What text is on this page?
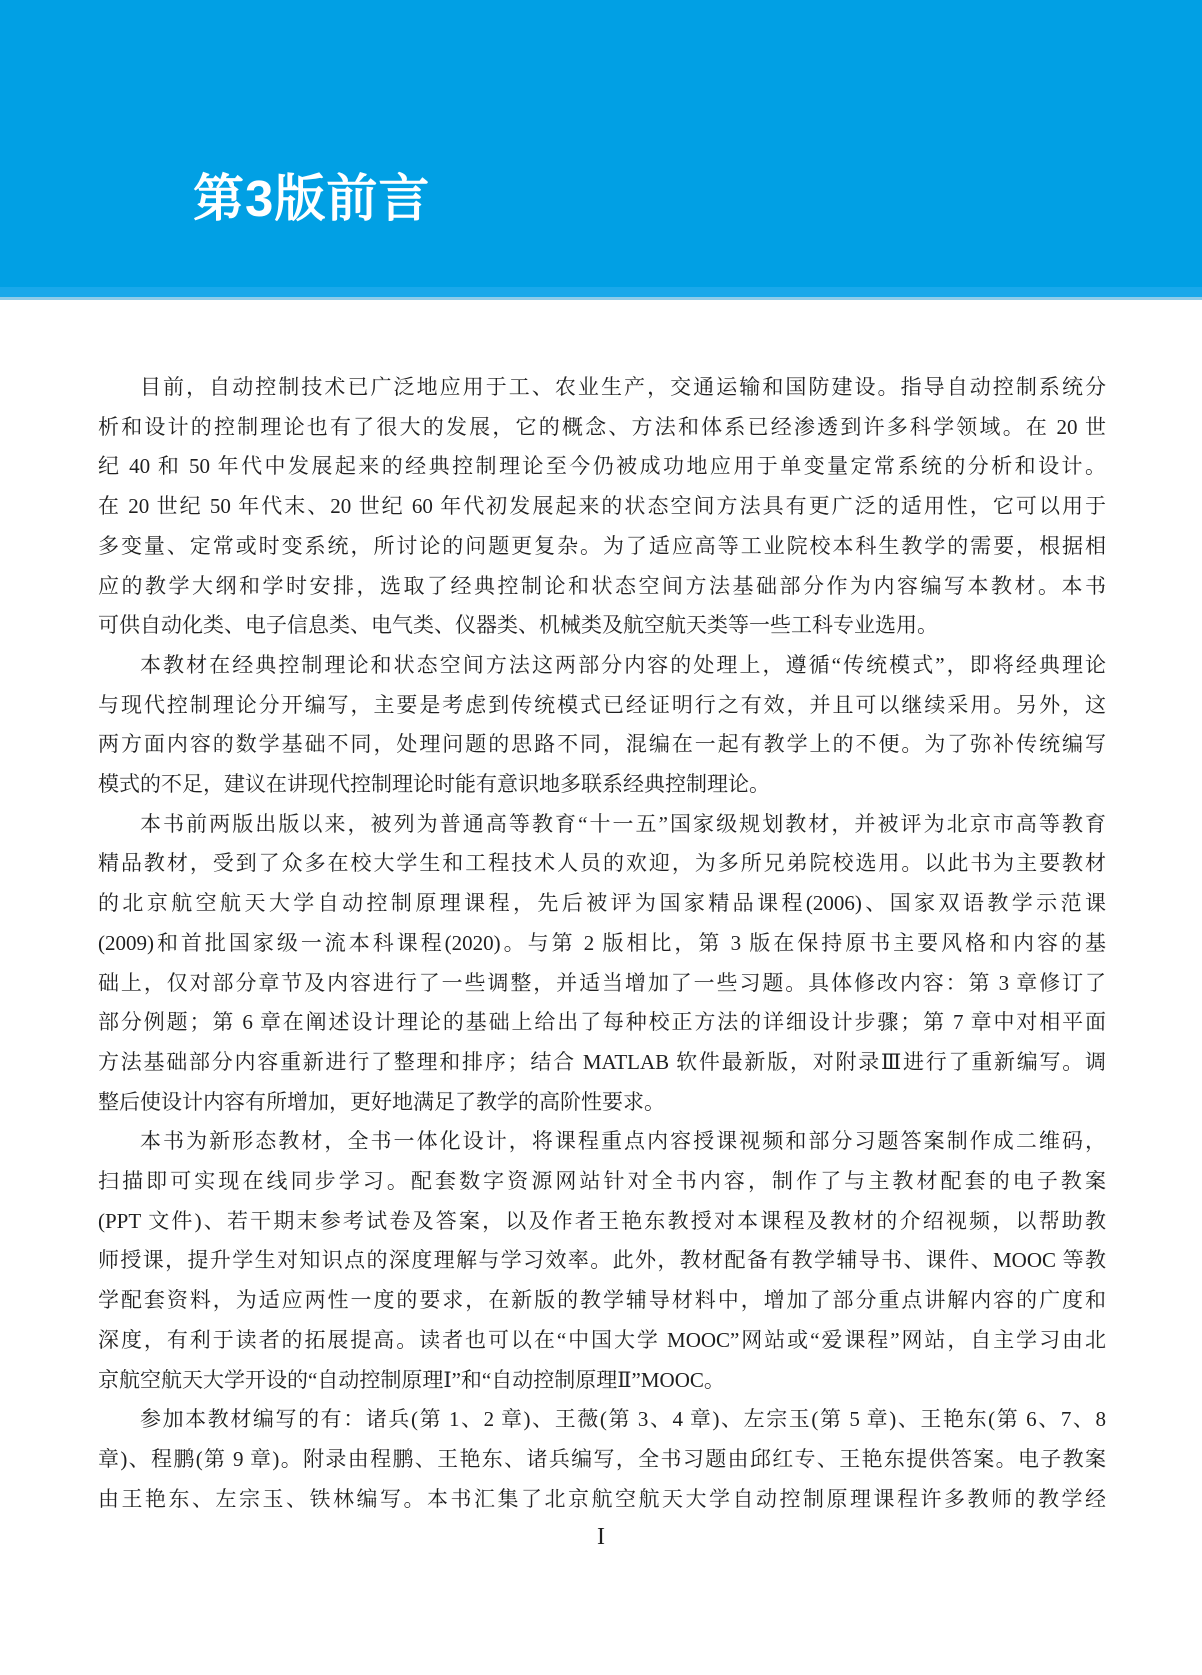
第3版前言

目前，自动控制技术已广泛地应用于工、农业生产，交通运输和国防建设。指导自动控制系统分
析和设计的控制理论也有了很大的发展，它的概念、方法和体系已经渗透到许多科学领域。在 20 世
纪 40 和 50 年代中发展起来的经典控制理论至今仍被成功地应用于单变量定常系统的分析和设计。
在 20 世纪 50 年代末、20 世纪 60 年代初发展起来的状态空间方法具有更广泛的适用性，它可以用于
多变量、定常或时变系统，所讨论的问题更复杂。为了适应高等工业院校本科生教学的需要，根据相
应的教学大纲和学时安排，选取了经典控制论和状态空间方法基础部分作为内容编写本教材。本书
可供自动化类、电子信息类、电气类、仪器类、机械类及航空航天类等一些工科专业选用。

本教材在经典控制理论和状态空间方法这两部分内容的处理上，遵循“传统模式”，即将经典理论
与现代控制理论分开编写，主要是考虑到传统模式已经证明行之有效，并且可以继续采用。另外，这
两方面内容的数学基础不同，处理问题的思路不同，混编在一起有教学上的不便。为了弥补传统编写
模式的不足，建议在讲现代控制理论时能有意识地多联系经典控制理论。

本书前两版出版以来，被列为普通高等教育“十一五”国家级规划教材，并被评为北京市高等教育
精品教材，受到了众多在校大学生和工程技术人员的欢迎，为多所兄弟院校选用。以此书为主要教材
的北京航空航天大学自动控制原理课程，先后被评为国家精品课程(2006)、国家双语教学示范课
(2009)和首批国家级一流本科课程(2020)。与第 2 版相比，第 3 版在保持原书主要风格和内容的基
础上，仅对部分章节及内容进行了一些调整，并适当增加了一些习题。具体修改内容：第 3 章修订了
部分例题；第 6 章在阐述设计理论的基础上给出了每种校正方法的详细设计步骤；第 7 章中对相平面
方法基础部分内容重新进行了整理和排序；结合 MATLAB 软件最新版，对附录Ⅲ进行了重新编写。调
整后使设计内容有所增加，更好地满足了教学的高阶性要求。

本书为新形态教材，全书一体化设计，将课程重点内容授课视频和部分习题答案制作成二维码，
扫描即可实现在线同步学习。配套数字资源网站针对全书内容，制作了与主教材配套的电子教案
(PPT 文件)、若干期末参考试卷及答案，以及作者王艳东教授对本课程及教材的介绍视频，以帮助教
师授课，提升学生对知识点的深度理解与学习效率。此外，教材配备有教学辅导书、课件、MOOC 等教
学配套资料，为适应两性一度的要求，在新版的教学辅导材料中，增加了部分重点讲解内容的广度和
深度，有利于读者的拓展提高。读者也可以在“中国大学 MOOC”网站或“爱课程”网站，自主学习由北
京航空航天大学开设的“自动控制原理Ⅰ”和“自动控制原理Ⅱ”MOOC。

参加本教材编写的有：诸兵(第 1、2 章)、王薇(第 3、4 章)、左宗玉(第 5 章)、王艳东(第 6、7、8
章)、程鹏(第 9 章)。附录由程鹏、王艳东、诸兵编写，全书习题由邱红专、王艳东提供答案。电子教案
由王艳东、左宗玉、铁林编写。本书汇集了北京航空航天大学自动控制原理课程许多教师的教学经

I
